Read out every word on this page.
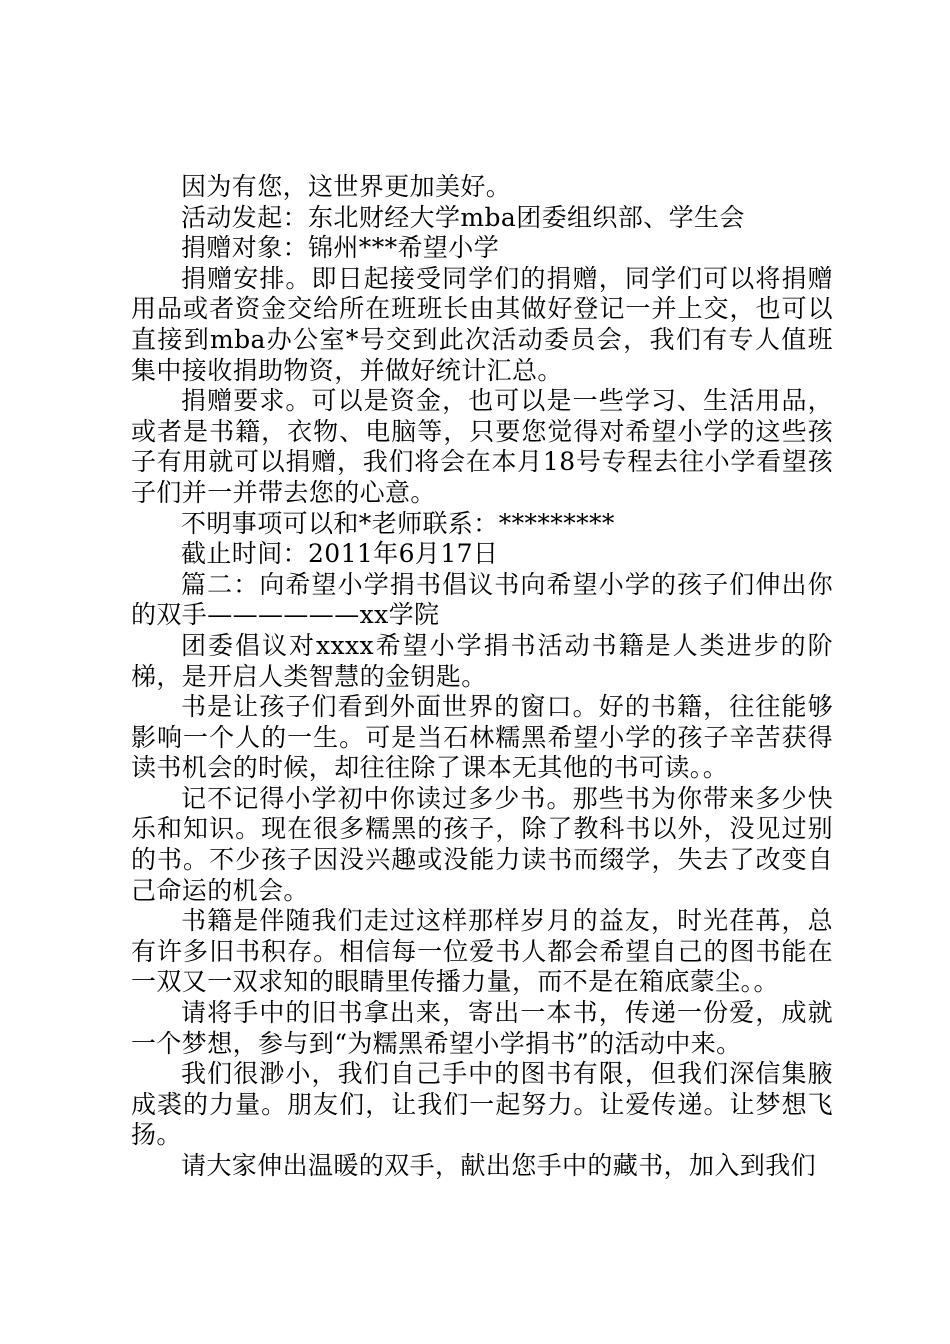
因为有您，这世界更加美好。

活动发起：东北财经大学mba团委组织部、学生会

捐赠对象：锦州***希望小学

捐赠安排。即日起接受同学们的捐赠，同学们可以将捐赠用品或者资金交给所在班班长由其做好登记一并上交，也可以直接到mba办公室*号交到此次活动委员会，我们有专人值班集中接收捐助物资，并做好统计汇总。

捐赠要求。可以是资金，也可以是一些学习、生活用品，或者是书籍，衣物、电脑等，只要您觉得对希望小学的这些孩子有用就可以捐赠，我们将会在本月18号专程去往小学看望孩子们并一并带去您的心意。

不明事项可以和*老师联系：*********

截止时间：2011年6月17日

篇二：向希望小学捐书倡议书向希望小学的孩子们伸出你的双手——————xx学院

团委倡议对xxxx希望小学捐书活动书籍是人类进步的阶梯，是开启人类智慧的金钥匙。

书是让孩子们看到外面世界的窗口。好的书籍，往往能够影响一个人的一生。可是当石林糯黑希望小学的孩子辛苦获得读书机会的时候，却往往除了课本无其他的书可读。。

记不记得小学初中你读过多少书。那些书为你带来多少快乐和知识。现在很多糯黑的孩子，除了教科书以外，没见过别的书。不少孩子因没兴趣或没能力读书而缀学，失去了改变自己命运的机会。

书籍是伴随我们走过这样那样岁月的益友，时光荏苒，总有许多旧书积存。相信每一位爱书人都会希望自己的图书能在一双又一双求知的眼睛里传播力量，而不是在箱底蒙尘。。

请将手中的旧书拿出来，寄出一本书，传递一份爱，成就一个梦想，参与到“为糯黑希望小学捐书”的活动中来。

我们很渺小，我们自己手中的图书有限，但我们深信集腋成裘的力量。朋友们，让我们一起努力。让爱传递。让梦想飞扬。

请大家伸出温暖的双手，献出您手中的藏书，加入到我们
